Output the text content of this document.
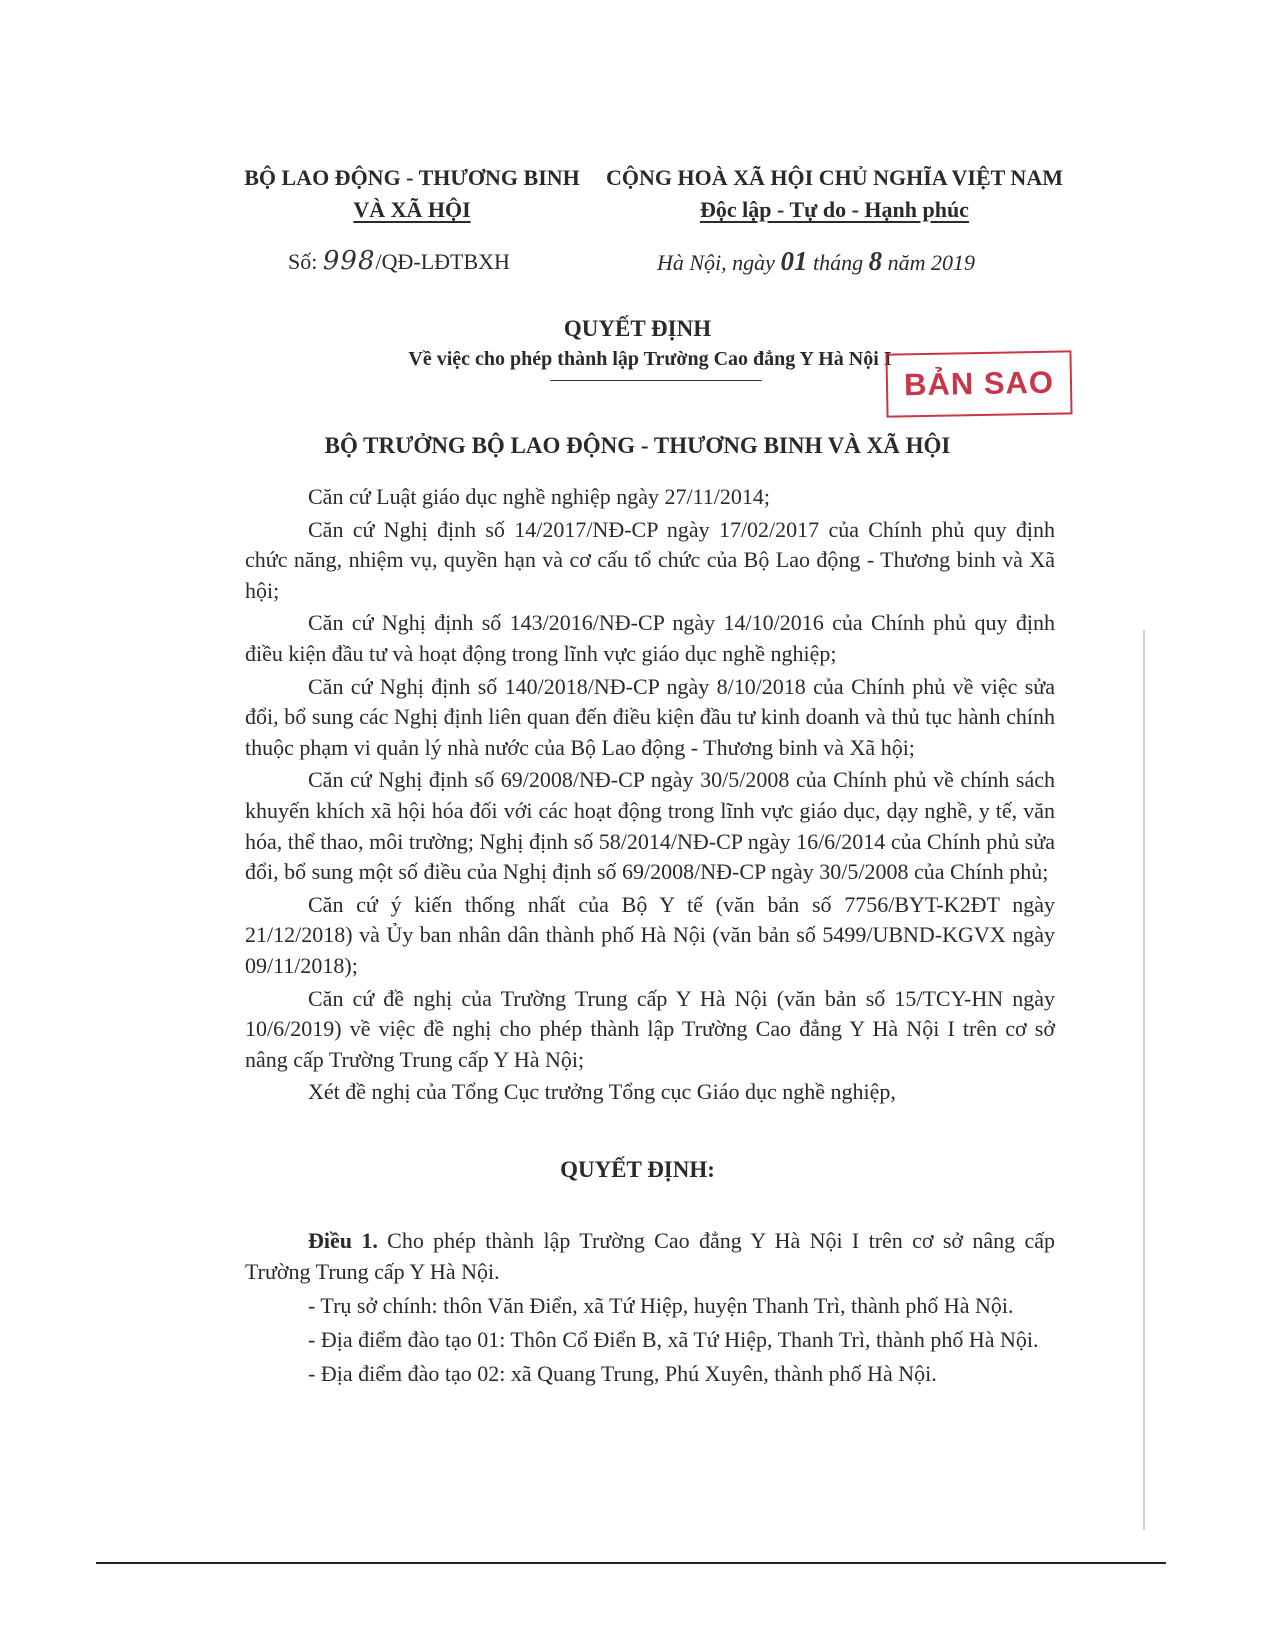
BỘ LAO ĐỘNG - THƯƠNG BINH
VÀ XÃ HỘI
CỘNG HOÀ XÃ HỘI CHỦ NGHĨA VIỆT NAM
Độc lập - Tự do - Hạnh phúc
Số: 998/QĐ-LĐTBXH	Hà Nội, ngày 01 tháng 8 năm 2019
QUYẾT ĐỊNH
Về việc cho phép thành lập Trường Cao đẳng Y Hà Nội I
BẢN SAO
BỘ TRƯỞNG BỘ LAO ĐỘNG - THƯƠNG BINH VÀ XÃ HỘI

Căn cứ Luật giáo dục nghề nghiệp ngày 27/11/2014;

Căn cứ Nghị định số 14/2017/NĐ-CP ngày 17/02/2017 của Chính phủ quy định chức năng, nhiệm vụ, quyền hạn và cơ cấu tổ chức của Bộ Lao động - Thương binh và Xã hội;

Căn cứ Nghị định số 143/2016/NĐ-CP ngày 14/10/2016 của Chính phủ quy định điều kiện đầu tư và hoạt động trong lĩnh vực giáo dục nghề nghiệp;

Căn cứ Nghị định số 140/2018/NĐ-CP ngày 8/10/2018 của Chính phủ về việc sửa đổi, bổ sung các Nghị định liên quan đến điều kiện đầu tư kinh doanh và thủ tục hành chính thuộc phạm vi quản lý nhà nước của Bộ Lao động - Thương binh và Xã hội;

Căn cứ Nghị định số 69/2008/NĐ-CP ngày 30/5/2008 của Chính phủ về chính sách khuyến khích xã hội hóa đối với các hoạt động trong lĩnh vực giáo dục, dạy nghề, y tế, văn hóa, thể thao, môi trường; Nghị định số 58/2014/NĐ-CP ngày 16/6/2014 của Chính phủ sửa đổi, bổ sung một số điều của Nghị định số 69/2008/NĐ-CP ngày 30/5/2008 của Chính phủ;

Căn cứ ý kiến thống nhất của Bộ Y tế (văn bản số 7756/BYT-K2ĐT ngày 21/12/2018) và Ủy ban nhân dân thành phố Hà Nội (văn bản số 5499/UBND-KGVX ngày 09/11/2018);

Căn cứ đề nghị của Trường Trung cấp Y Hà Nội (văn bản số 15/TCY-HN ngày 10/6/2019) về việc đề nghị cho phép thành lập Trường Cao đẳng Y Hà Nội I trên cơ sở nâng cấp Trường Trung cấp Y Hà Nội;

Xét đề nghị của Tổng Cục trưởng Tổng cục Giáo dục nghề nghiệp,

QUYẾT ĐỊNH:

Điều 1. Cho phép thành lập Trường Cao đẳng Y Hà Nội I trên cơ sở nâng cấp Trường Trung cấp Y Hà Nội.

- Trụ sở chính: thôn Văn Điển, xã Tứ Hiệp, huyện Thanh Trì, thành phố Hà Nội.

- Địa điểm đào tạo 01: Thôn Cổ Điển B, xã Tứ Hiệp, Thanh Trì, thành phố Hà Nội.

- Địa điểm đào tạo 02: xã Quang Trung, Phú Xuyên, thành phố Hà Nội.
